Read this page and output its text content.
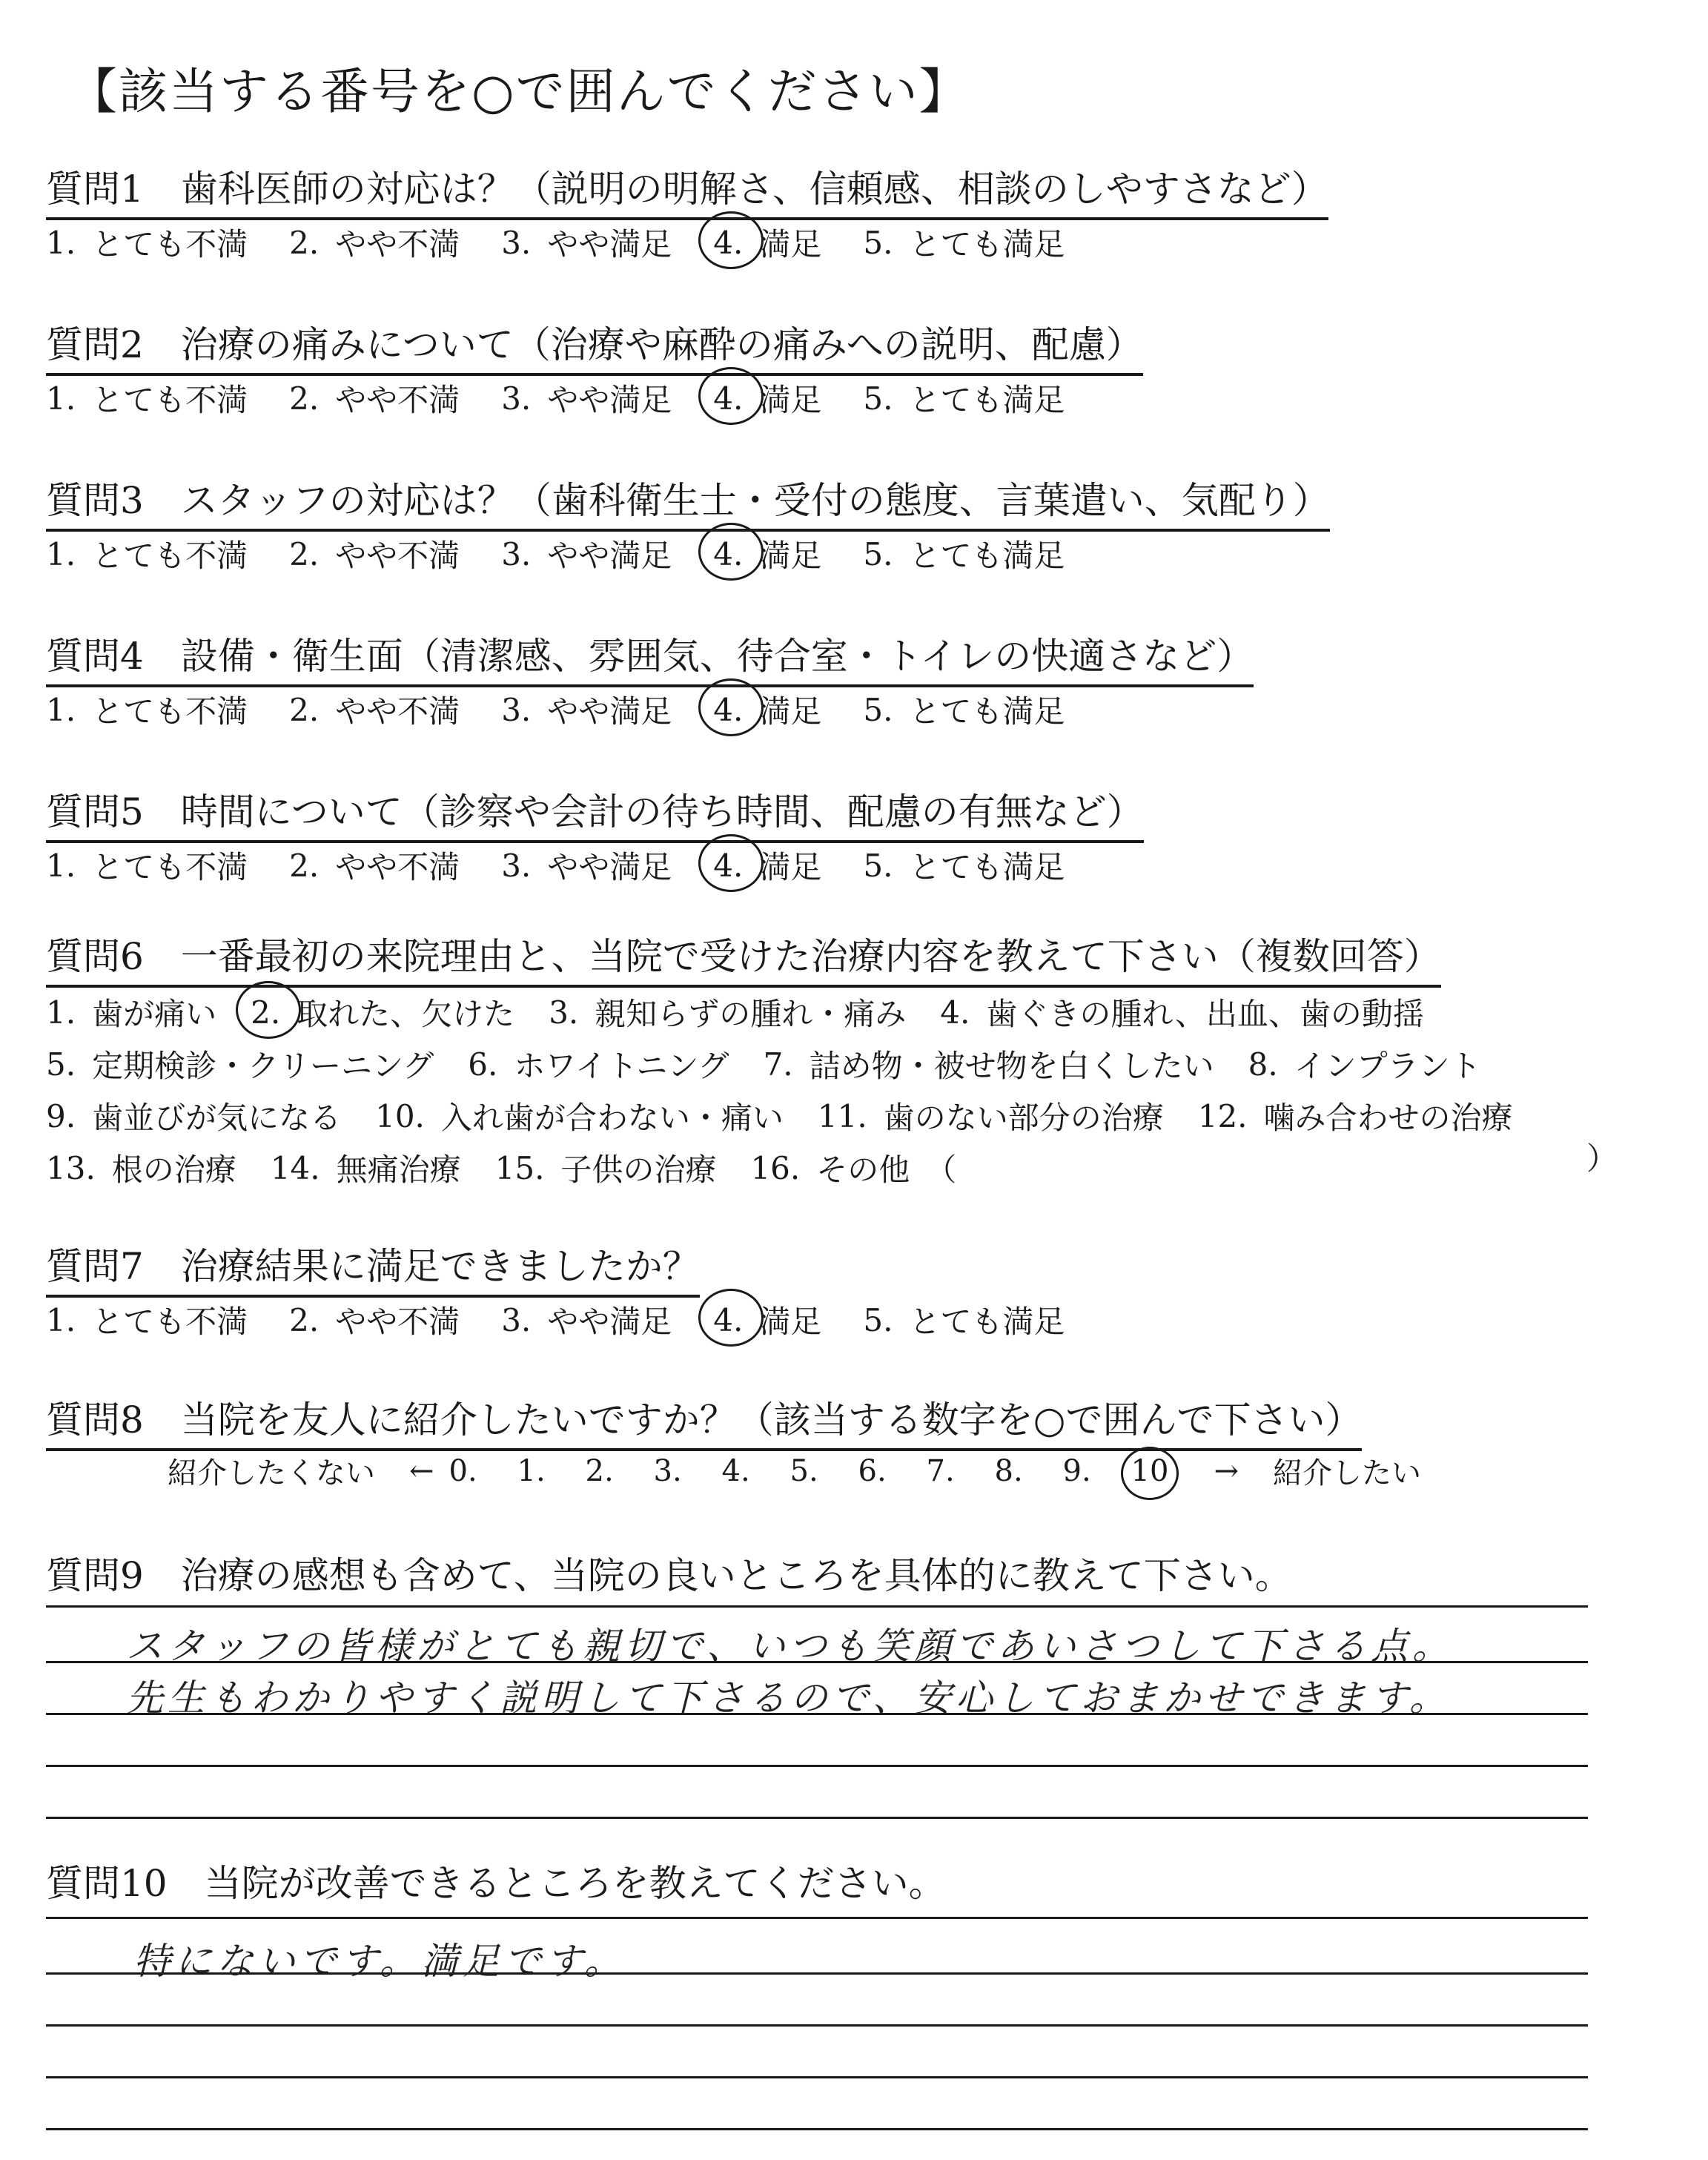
【該当する番号を○で囲んでください】
質問1　歯科医師の対応は？（説明の明解さ、信頼感、相談のしやすさなど）
1. とても不満 2. やや不満 3. やや満足 4. 満足 5. とても満足
質問2　治療の痛みについて（治療や麻酔の痛みへの説明、配慮）
1. とても不満 2. やや不満 3. やや満足 4. 満足 5. とても満足
質問3　スタッフの対応は？（歯科衛生士・受付の態度、言葉遣い、気配り）
1. とても不満 2. やや不満 3. やや満足 4. 満足 5. とても満足
質問4　設備・衛生面（清潔感、雰囲気、待合室・トイレの快適さなど）
1. とても不満 2. やや不満 3. やや満足 4. 満足 5. とても満足
質問5　時間について（診察や会計の待ち時間、配慮の有無など）
1. とても不満 2. やや不満 3. やや満足 4. 満足 5. とても満足
質問6　一番最初の来院理由と、当院で受けた治療内容を教えて下さい（複数回答）
1. 歯が痛い 2. 取れた、欠けた 3. 親知らずの腫れ・痛み 4. 歯ぐきの腫れ、出血、歯の動揺
5. 定期検診・クリーニング 6. ホワイトニング 7. 詰め物・被せ物を白くしたい 8. インプラント
9. 歯並びが気になる 10. 入れ歯が合わない・痛い 11. 歯のない部分の治療 12. 噛み合わせの治療
13. 根の治療 14. 無痛治療 15. 子供の治療 16. その他　（	）
質問7　治療結果に満足できましたか？
1. とても不満 2. やや不満 3. やや満足 4. 満足 5. とても満足
質問8　当院を友人に紹介したいですか？（該当する数字を○で囲んで下さい）
紹介したくない ← 0. 1. 2. 3. 4. 5. 6. 7. 8. 9. 10	→ 紹介したい
質問9　治療の感想も含めて、当院の良いところを具体的に教えて下さい。
スタッフの皆様がとても親切で、いつも笑顔であいさつして下さる点。
先生もわかりやすく説明して下さるので、安心しておまかせできます。
質問10　当院が改善できるところを教えてください。
特にないです。満足です。
